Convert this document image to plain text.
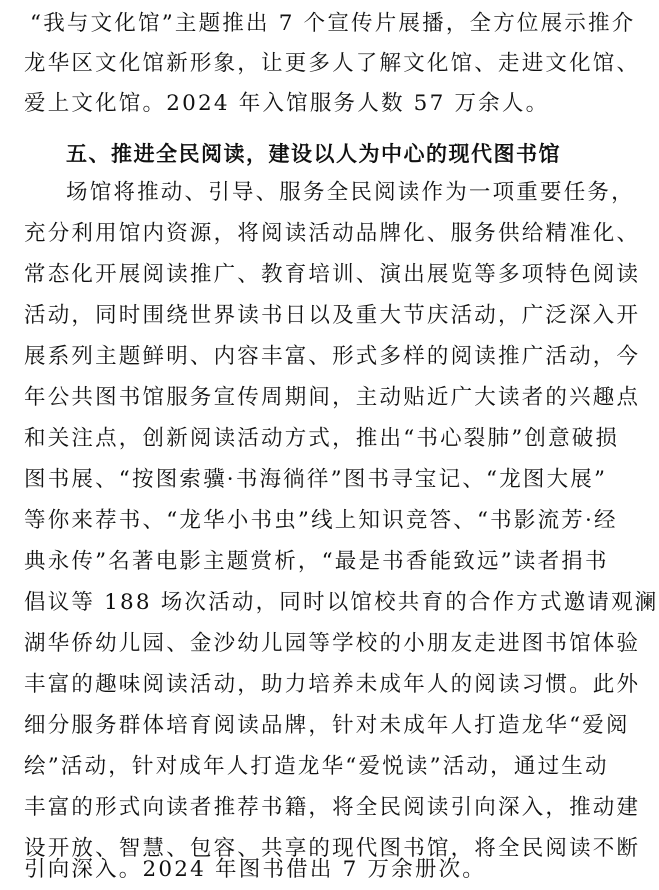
“我与文化馆”主题推出 7 个宣传片展播，全方位展示推介
龙华区文化馆新形象，让更多人了解文化馆、走进文化馆、
爱上文化馆。2024 年入馆服务人数 57 万余人。
五、推进全民阅读，建设以人为中心的现代图书馆
场馆将推动、引导、服务全民阅读作为一项重要任务，
充分利用馆内资源，将阅读活动品牌化、服务供给精准化、
常态化开展阅读推广、教育培训、演出展览等多项特色阅读
活动，同时围绕世界读书日以及重大节庆活动，广泛深入开
展系列主题鲜明、内容丰富、形式多样的阅读推广活动，今
年公共图书馆服务宣传周期间，主动贴近广大读者的兴趣点
和关注点，创新阅读活动方式，推出“书心裂肺”创意破损
图书展、“按图索骥·书海徜徉”图书寻宝记、“龙图大展”
等你来荐书、“龙华小书虫”线上知识竞答、“书影流芳·经
典永传”名著电影主题赏析，“最是书香能致远”读者捐书
倡议等 188 场次活动，同时以馆校共育的合作方式邀请观澜
湖华侨幼儿园、金沙幼儿园等学校的小朋友走进图书馆体验
丰富的趣味阅读活动，助力培养未成年人的阅读习惯。此外
细分服务群体培育阅读品牌，针对未成年人打造龙华“爱阅
绘”活动，针对成年人打造龙华“爱悦读”活动，通过生动
丰富的形式向读者推荐书籍，将全民阅读引向深入，推动建
设开放、智慧、包容、共享的现代图书馆，将全民阅读不断
引向深入。2024 年图书借出 7 万余册次。
